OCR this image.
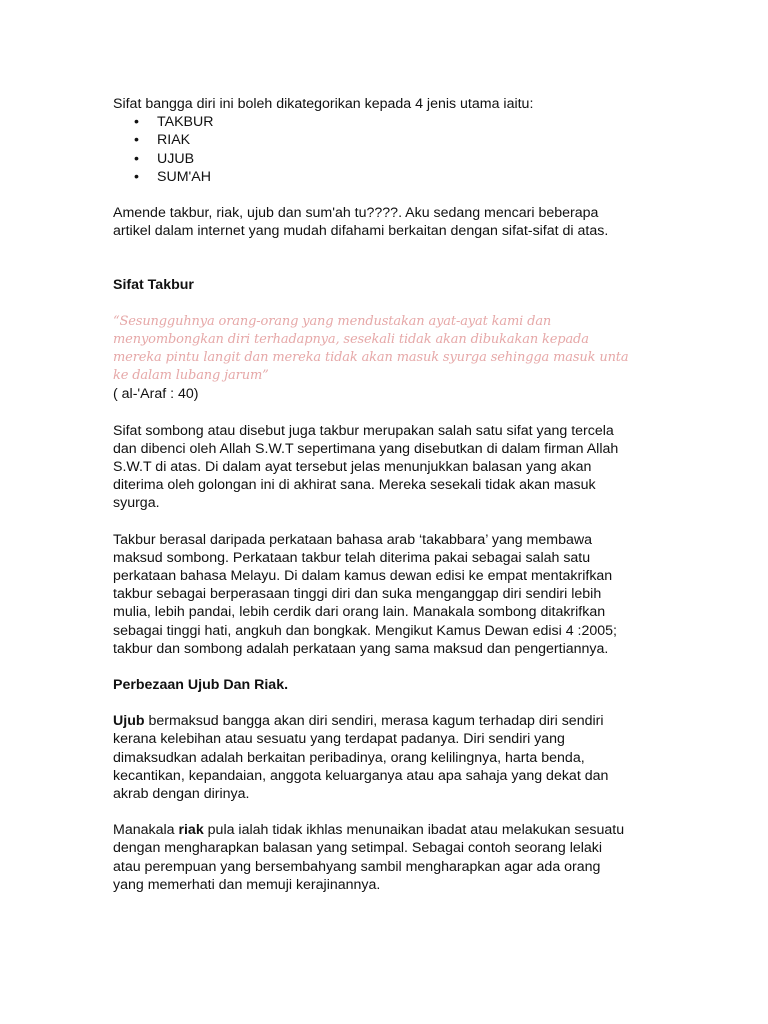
Sifat bangga diri ini boleh dikategorikan kepada 4 jenis utama iaitu:

• TAKBUR
• RIAK
• UJUB
• SUM'AH

Amende takbur, riak, ujub dan sum'ah tu????. Aku sedang mencari beberapa artikel dalam internet yang mudah difahami berkaitan dengan sifat-sifat di atas.

Sifat Takbur

“Sesungguhnya orang-orang yang mendustakan ayat-ayat kami dan menyombongkan diri terhadapnya, sesekali tidak akan dibukakan kepada mereka pintu langit dan mereka tidak akan masuk syurga sehingga masuk unta ke dalam lubang jarum”

( al-'Araf : 40)

Sifat sombong atau disebut juga takbur merupakan salah satu sifat yang tercela dan dibenci oleh Allah S.W.T sepertimana yang disebutkan di dalam firman Allah S.W.T di atas. Di dalam ayat tersebut jelas menunjukkan balasan yang akan diterima oleh golongan ini di akhirat sana. Mereka sesekali tidak akan masuk syurga.

Takbur berasal daripada perkataan bahasa arab ‘takabbara’ yang membawa maksud sombong. Perkataan takbur telah diterima pakai sebagai salah satu perkataan bahasa Melayu. Di dalam kamus dewan edisi ke empat mentakrifkan takbur sebagai berperasaan tinggi diri dan suka menganggap diri sendiri lebih mulia, lebih pandai, lebih cerdik dari orang lain. Manakala sombong ditakrifkan sebagai tinggi hati, angkuh dan bongkak. Mengikut Kamus Dewan edisi 4 :2005; takbur dan sombong adalah perkataan yang sama maksud dan pengertiannya.

Perbezaan Ujub Dan Riak.

Ujub bermaksud bangga akan diri sendiri, merasa kagum terhadap diri sendiri kerana kelebihan atau sesuatu yang terdapat padanya. Diri sendiri yang dimaksudkan adalah berkaitan peribadinya, orang kelilingnya, harta benda, kecantikan, kepandaian, anggota keluarganya atau apa sahaja yang dekat dan akrab dengan dirinya.

Manakala riak pula ialah tidak ikhlas menunaikan ibadat atau melakukan sesuatu dengan mengharapkan balasan yang setimpal. Sebagai contoh seorang lelaki atau perempuan yang bersembahyang sambil mengharapkan agar ada orang yang memerhati dan memuji kerajinannya.
